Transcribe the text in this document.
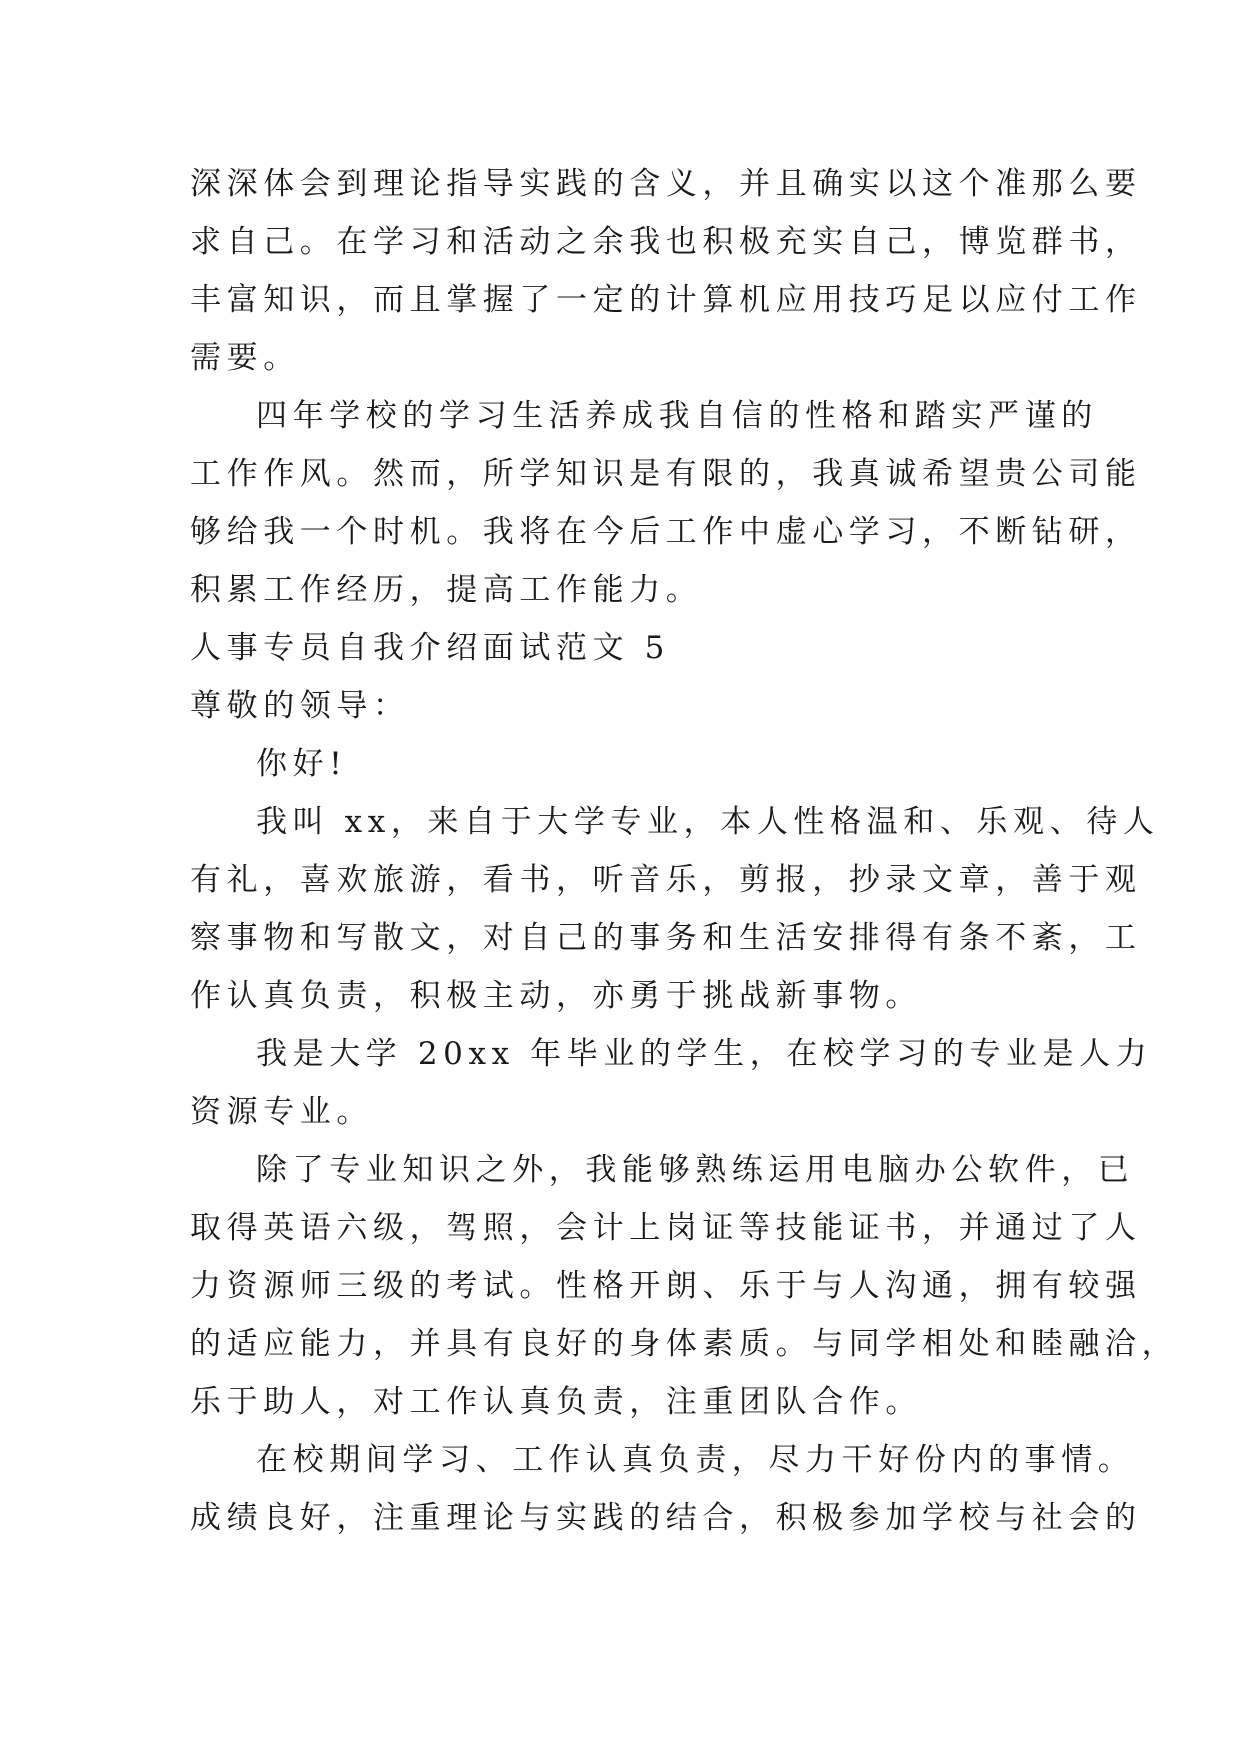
深深体会到理论指导实践的含义，并且确实以这个准那么要
求自己。在学习和活动之余我也积极充实自己，博览群书，
丰富知识，而且掌握了一定的计算机应用技巧足以应付工作
需要。
四年学校的学习生活养成我自信的性格和踏实严谨的
工作作风。然而，所学知识是有限的，我真诚希望贵公司能
够给我一个时机。我将在今后工作中虚心学习，不断钻研，
积累工作经历，提高工作能力。
人事专员自我介绍面试范文 5
尊敬的领导：
你好!
我叫 xx，来自于大学专业，本人性格温和、乐观、待人
有礼，喜欢旅游，看书，听音乐，剪报，抄录文章，善于观
察事物和写散文，对自己的事务和生活安排得有条不紊，工
作认真负责，积极主动，亦勇于挑战新事物。
我是大学 20xx 年毕业的学生，在校学习的专业是人力
资源专业。
除了专业知识之外，我能够熟练运用电脑办公软件，已
取得英语六级，驾照，会计上岗证等技能证书，并通过了人
力资源师三级的考试。性格开朗、乐于与人沟通，拥有较强
的适应能力，并具有良好的身体素质。与同学相处和睦融洽，
乐于助人，对工作认真负责，注重团队合作。
在校期间学习、工作认真负责，尽力干好份内的事情。
成绩良好，注重理论与实践的结合，积极参加学校与社会的
